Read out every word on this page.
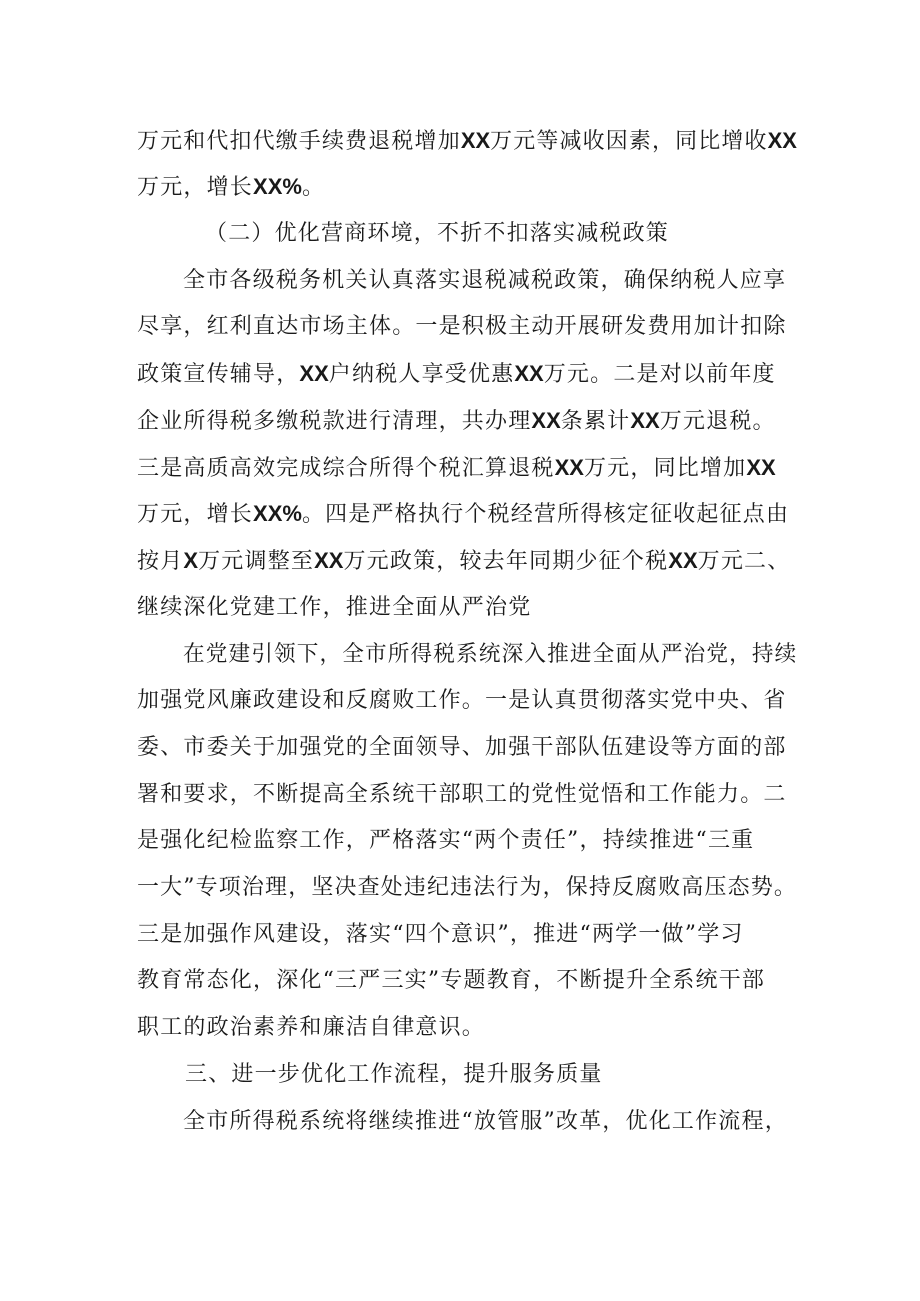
万元和代扣代缴手续费退税增加XX万元等减收因素，同比增收XX
万元，增长XX%。
（二）优化营商环境，不折不扣落实减税政策
全市各级税务机关认真落实退税减税政策，确保纳税人应享
尽享，红利直达市场主体。一是积极主动开展研发费用加计扣除
政策宣传辅导，XX户纳税人享受优惠XX万元。二是对以前年度
企业所得税多缴税款进行清理，共办理XX条累计XX万元退税。
三是高质高效完成综合所得个税汇算退税XX万元，同比增加XX
万元，增长XX%。四是严格执行个税经营所得核定征收起征点由
按月X万元调整至XX万元政策，较去年同期少征个税XX万元二、
继续深化党建工作，推进全面从严治党
在党建引领下，全市所得税系统深入推进全面从严治党，持续
加强党风廉政建设和反腐败工作。一是认真贯彻落实党中央、省
委、市委关于加强党的全面领导、加强干部队伍建设等方面的部
署和要求，不断提高全系统干部职工的党性觉悟和工作能力。二
是强化纪检监察工作，严格落实“两个责任”，持续推进“三重
一大”专项治理，坚决查处违纪违法行为，保持反腐败高压态势。
三是加强作风建设，落实“四个意识”，推进“两学一做”学习
教育常态化，深化“三严三实”专题教育，不断提升全系统干部
职工的政治素养和廉洁自律意识。
三、进一步优化工作流程，提升服务质量
全市所得税系统将继续推进“放管服”改革，优化工作流程，
